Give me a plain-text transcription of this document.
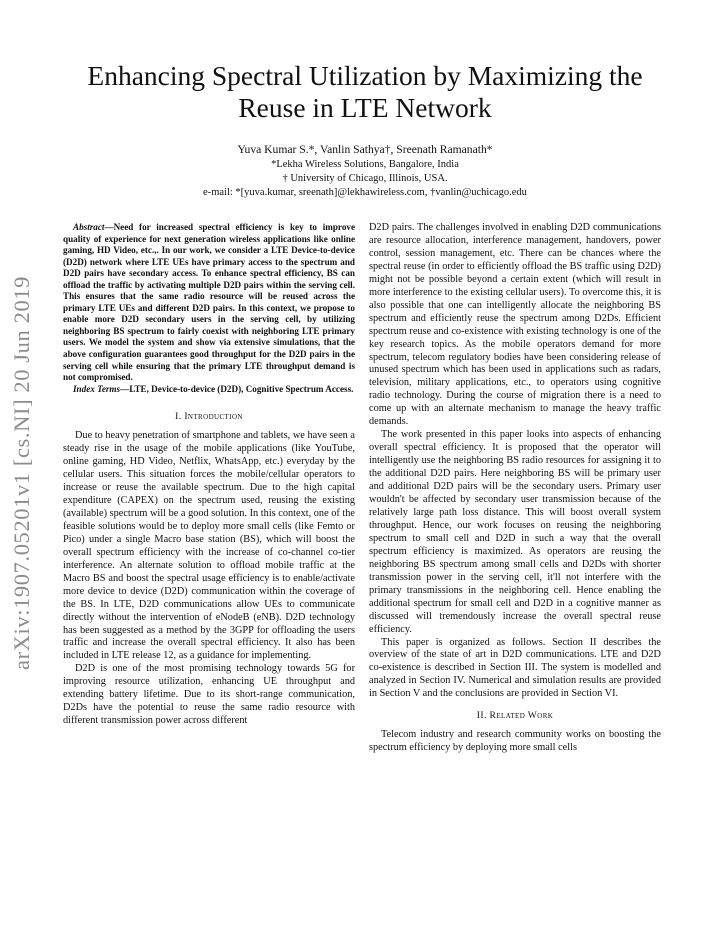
arXiv:1907.05201v1 [cs.NI] 20 Jun 2019
Enhancing Spectral Utilization by Maximizing the
Reuse in LTE Network
Yuva Kumar S.*, Vanlin Sathya†, Sreenath Ramanath*
*Lekha Wireless Solutions, Bangalore, India
† University of Chicago, Illinois, USA.
e-mail: *[yuva.kumar, sreenath]@lekhawireless.com, †vanlin@uchicago.edu

Abstract—Need for increased spectral efficiency is key to improve quality of experience for next generation wireless applications like online gaming, HD Video, etc.,. In our work, we consider a LTE Device-to-device (D2D) network where LTE UEs have primary access to the spectrum and D2D pairs have secondary access. To enhance spectral efficiency, BS can offload the traffic by activating multiple D2D pairs within the serving cell. This ensures that the same radio resource will be reused across the primary LTE UEs and different D2D pairs. In this context, we propose to enable more D2D secondary users in the serving cell, by utilizing neighboring BS spectrum to fairly coexist with neighboring LTE primary users. We model the system and show via extensive simulations, that the above configuration guarantees good throughput for the D2D pairs in the serving cell while ensuring that the primary LTE throughput demand is not compromised.

Index Terms—LTE, Device-to-device (D2D), Cognitive Spectrum Access.

I. Introduction

Due to heavy penetration of smartphone and tablets, we have seen a steady rise in the usage of the mobile applications (like YouTube, online gaming, HD Video, Netflix, WhatsApp, etc.) everyday by the cellular users. This situation forces the mobile/cellular operators to increase or reuse the available spectrum. Due to the high capital expenditure (CAPEX) on the spectrum used, reusing the existing (available) spectrum will be a good solution. In this context, one of the feasible solutions would be to deploy more small cells (like Femto or Pico) under a single Macro base station (BS), which will boost the overall spectrum efficiency with the increase of co-channel co-tier interference. An alternate solution to offload mobile traffic at the Macro BS and boost the spectral usage efficiency is to enable/activate more device to device (D2D) communication within the coverage of the BS. In LTE, D2D communications allow UEs to communicate directly without the intervention of eNodeB (eNB). D2D technology has been suggested as a method by the 3GPP for offloading the users traffic and increase the overall spectral efficiency. It also has been included in LTE release 12, as a guidance for implementing.

D2D is one of the most promising technology towards 5G for improving resource utilization, enhancing UE throughput and extending battery lifetime. Due to its short-range communication, D2Ds have the potential to reuse the same radio resource with different transmission power across different

D2D pairs. The challenges involved in enabling D2D communications are resource allocation, interference management, handovers, power control, session management, etc. There can be chances where the spectral reuse (in order to efficiently offload the BS traffic using D2D) might not be possible beyond a certain extent (which will result in more interference to the existing cellular users). To overcome this, it is also possible that one can intelligently allocate the neighboring BS spectrum and efficiently reuse the spectrum among D2Ds. Efficient spectrum reuse and co-existence with existing technology is one of the key research topics. As the mobile operators demand for more spectrum, telecom regulatory bodies have been considering release of unused spectrum which has been used in applications such as radars, television, military applications, etc., to operators using cognitive radio technology. During the course of migration there is a need to come up with an alternate mechanism to manage the heavy traffic demands.

The work presented in this paper looks into aspects of enhancing overall spectral efficiency. It is proposed that the operator will intelligently use the neighboring BS radio resources for assigning it to the additional D2D pairs. Here neighboring BS will be primary user and additional D2D pairs will be the secondary users. Primary user wouldn't be affected by secondary user transmission because of the relatively large path loss distance. This will boost overall system throughput. Hence, our work focuses on reusing the neighboring spectrum to small cell and D2D in such a way that the overall spectrum efficiency is maximized. As operators are reusing the neighboring BS spectrum among small cells and D2Ds with shorter transmission power in the serving cell, it'll not interfere with the primary transmissions in the neighboring cell. Hence enabling the additional spectrum for small cell and D2D in a cognitive manner as discussed will tremendously increase the overall spectral reuse efficiency.

This paper is organized as follows. Section II describes the overview of the state of art in D2D communications. LTE and D2D co-existence is described in Section III. The system is modelled and analyzed in Section IV. Numerical and simulation results are provided in Section V and the conclusions are provided in Section VI.

II. Related Work

Telecom industry and research community works on boosting the spectrum efficiency by deploying more small cells
